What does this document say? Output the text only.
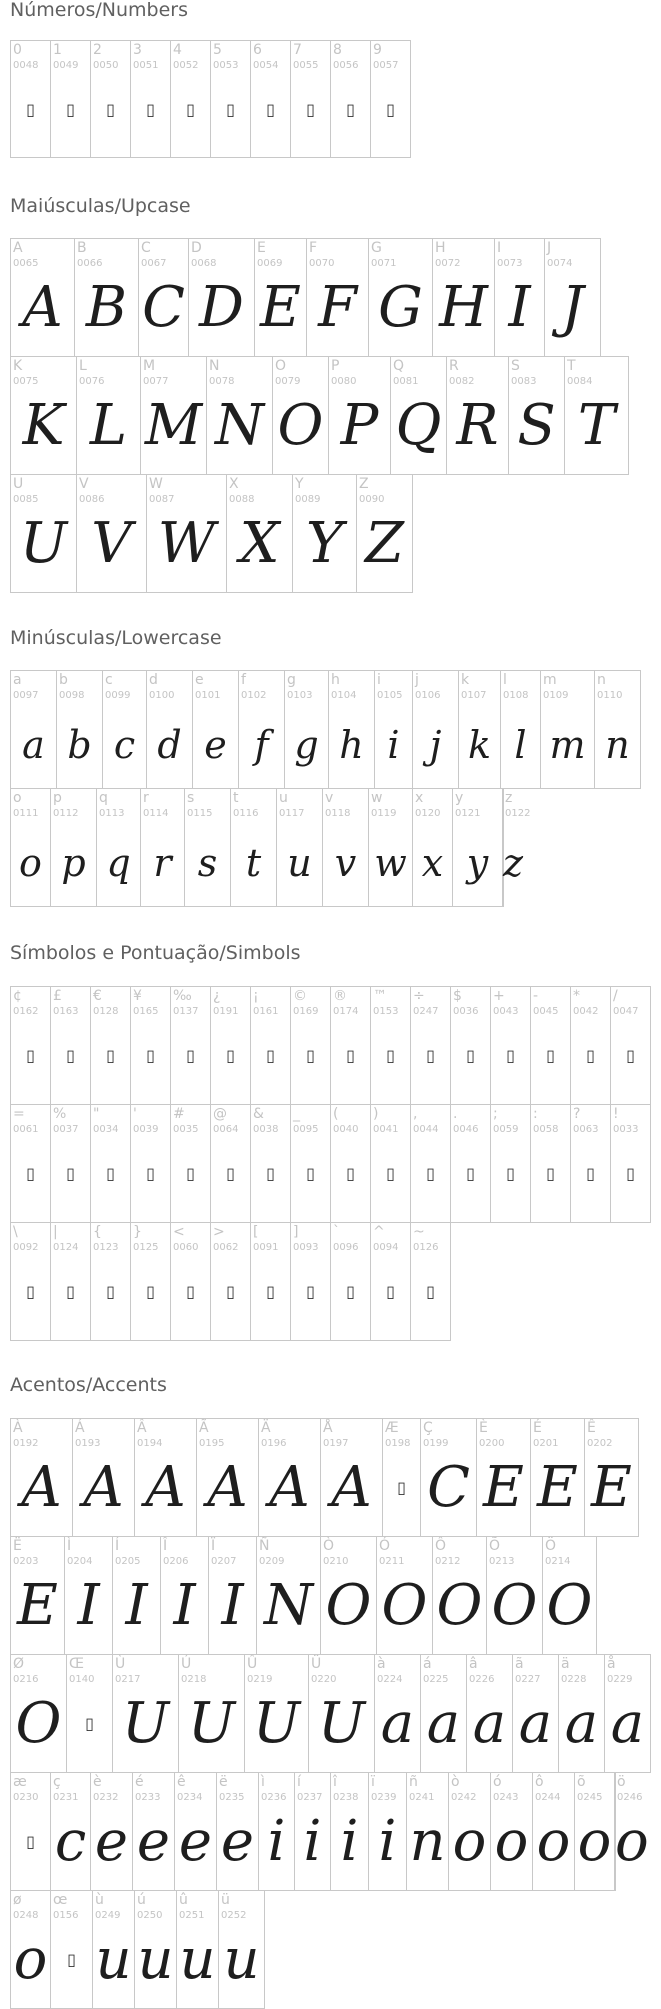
Números/Numbers
0
0048
▯
1
0049
▯
2
0050
▯
3
0051
▯
4
0052
▯
5
0053
▯
6
0054
▯
7
0055
▯
8
0056
▯
9
0057
▯
Maiúsculas/Upcase
A
0065
A
B
0066
B
C
0067
C
D
0068
D
E
0069
E
F
0070
F
G
0071
G
H
0072
H
I
0073
I
J
0074
J
K
0075
K
L
0076
L
M
0077
M
N
0078
N
O
0079
O
P
0080
P
Q
0081
Q
R
0082
R
S
0083
S
T
0084
T
U
0085
U
V
0086
V
W
0087
W
X
0088
X
Y
0089
Y
Z
0090
Z
Minúsculas/Lowercase
a
0097
a
b
0098
b
c
0099
c
d
0100
d
e
0101
e
f
0102
f
g
0103
g
h
0104
h
i
0105
i
j
0106
j
k
0107
k
l
0108
l
m
0109
m
n
0110
n
o
0111
o
p
0112
p
q
0113
q
r
0114
r
s
0115
s
t
0116
t
u
0117
u
v
0118
v
w
0119
w
x
0120
x
y
0121
y
z
0122
z
Símbolos e Pontuação/Simbols
¢
0162
▯
£
0163
▯
€
0128
▯
¥
0165
▯
‰
0137
▯
¿
0191
▯
¡
0161
▯
©
0169
▯
®
0174
▯
™
0153
▯
÷
0247
▯
$
0036
▯
+
0043
▯
-
0045
▯
*
0042
▯
/
0047
▯
=
0061
▯
%
0037
▯
"
0034
▯
'
0039
▯
#
0035
▯
@
0064
▯
&
0038
▯
_
0095
▯
(
0040
▯
)
0041
▯
,
0044
▯
.
0046
▯
;
0059
▯
:
0058
▯
?
0063
▯
!
0033
▯
\
0092
▯
|
0124
▯
{
0123
▯
}
0125
▯
<
0060
▯
>
0062
▯
[
0091
▯
]
0093
▯
`
0096
▯
^
0094
▯
~
0126
▯
Acentos/Accents
À
0192
A
Á
0193
A
Â
0194
A
Ã
0195
A
Ä
0196
A
Å
0197
A
Æ
0198
▯
Ç
0199
C
È
0200
E
É
0201
E
Ê
0202
E
Ë
0203
E
Ì
0204
I
Í
0205
I
Î
0206
I
Ï
0207
I
Ñ
0209
N
Ò
0210
O
Ó
0211
O
Ô
0212
O
Õ
0213
O
Ö
0214
O
Ø
0216
O
Œ
0140
▯
Ù
0217
U
Ú
0218
U
Û
0219
U
Ü
0220
U
à
0224
a
á
0225
a
â
0226
a
ã
0227
a
ä
0228
a
å
0229
a
æ
0230
▯
ç
0231
c
è
0232
e
é
0233
e
ê
0234
e
ë
0235
e
ì
0236
i
í
0237
i
î
0238
i
ï
0239
i
ñ
0241
n
ò
0242
o
ó
0243
o
ô
0244
o
õ
0245
o
ö
0246
o
ø
0248
o
œ
0156
▯
ù
0249
u
ú
0250
u
û
0251
u
ü
0252
u
